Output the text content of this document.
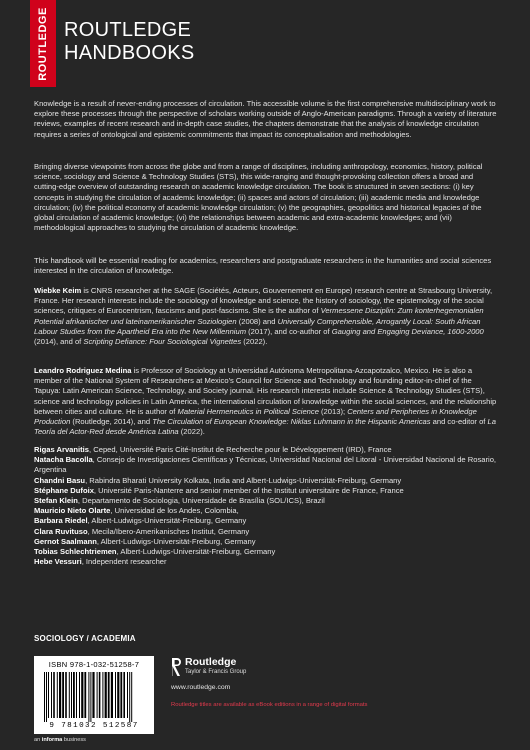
ROUTLEDGE ROUTLEDGE
HANDBOOKS

Knowledge is a result of never-ending processes of circulation. This accessible volume is the first comprehensive multidisciplinary work to explore these processes through the perspective of scholars working outside of Anglo-American paradigms. Through a variety of literature reviews, examples of recent research and in-depth case studies, the chapters demonstrate that the analysis of knowledge circulation requires a series of ontological and epistemic commitments that impact its conceptualisation and methodologies.

Bringing diverse viewpoints from across the globe and from a range of disciplines, including anthropology, economics, history, political science, sociology and Science & Technology Studies (STS), this wide-ranging and thought-provoking collection offers a broad and cutting-edge overview of outstanding research on academic knowledge circulation. The book is structured in seven sections: (i) key concepts in studying the circulation of academic knowledge; (ii) spaces and actors of circulation; (iii) academic media and knowledge circulation; (iv) the political economy of academic knowledge circulation; (v) the geographies, geopolitics and historical legacies of the global circulation of academic knowledge; (vi) the relationships between academic and extra-academic knowledges; and (vii) methodological approaches to studying the circulation of academic knowledge.

This handbook will be essential reading for academics, researchers and postgraduate researchers in the humanities and social sciences interested in the circulation of knowledge.

Wiebke Keim is CNRS researcher at the SAGE (Sociétés, Acteurs, Gouvernement en Europe) research centre at Strasbourg University, France. Her research interests include the sociology of knowledge and science, the history of sociology, the epistemology of the social sciences, critiques of Eurocentrism, fascisms and post-fascisms. She is the author of Vermessene Disziplin: Zum konterhegemonialen Potential afrikanischer und lateinamerikanischer Soziologien (2008) and Universally Comprehensible, Arrogantly Local: South African Labour Studies from the Apartheid Era into the New Millennium (2017), and co-author of Gauging and Engaging Deviance, 1600-2000 (2014), and of Scripting Defiance: Four Sociological Vignettes (2022).

Leandro Rodriguez Medina is Professor of Sociology at Universidad Autónoma Metropolitana-Azcapotzalco, Mexico. He is also a member of the National System of Researchers at Mexico's Council for Science and Technology and founding editor-in-chief of the Tapuya: Latin American Science, Technology, and Society journal. His research interests include Science & Technology Studies (STS), science and technology policies in Latin America, the international circulation of knowledge within the social sciences, and the relationship between cities and culture. He is author of Material Hermeneutics in Political Science (2013); Centers and Peripheries in Knowledge Production (Routledge, 2014), and The Circulation of European Knowledge: Niklas Luhmann in the Hispanic Americas and co-editor of La Teoría del Actor-Red desde América Latina (2022).

Rigas Arvanitis, Ceped, Université Paris Cité-Institut de Recherche pour le Développement (IRD), France

Natacha Bacolla, Consejo de Investigaciones Científicas y Técnicas, Universidad Nacional del Litoral - Universidad Nacional de Rosario, Argentina

Chandni Basu, Rabindra Bharati University Kolkata, India and Albert-Ludwigs-Universität-Freiburg, Germany

Stéphane Dufoix, Université Paris-Nanterre and senior member of the Institut universitaire de France, France

Stefan Klein, Departamento de Sociologia, Universidade de Brasília (SOL/ICS), Brazil

Mauricio Nieto Olarte, Universidad de los Andes, Colombia,

Barbara Riedel, Albert-Ludwigs-Universität-Freiburg, Germany

Clara Ruvituso, Mecila/Ibero-Amerikanisches Institut, Germany

Gernot Saalmann, Albert-Ludwigs-Universität-Freiburg, Germany

Tobias Schlechtriemen, Albert-Ludwigs-Universität-Freiburg, Germany

Hebe Vessuri, Independent researcher

SOCIOLOGY / ACADEMIA
ISBN 978-1-032-51258-7
9 781032 512587
an informa business
Routledge
Taylor & Francis Group
www.routledge.com
Routledge titles are available as eBook editions in a range of digital formats
